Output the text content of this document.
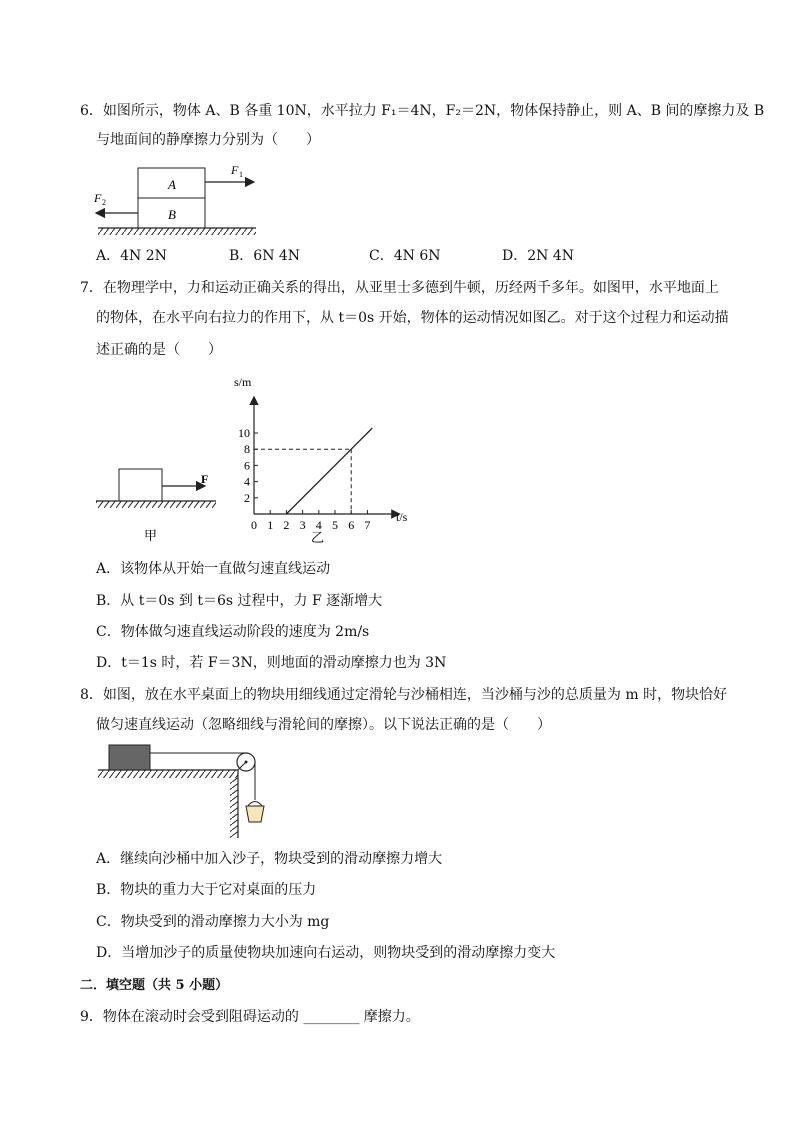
6．如图所示，物体 A、B 各重 10N，水平拉力 F₁＝4N，F₂＝2N，物体保持静止，则 A、B 间的摩擦力及 B
与地面间的静摩擦力分别为（　　）
A
B
F 1
F 2
A．4N 2N	B．6N 4N	C．4N 6N	D．2N 4N
7．在物理学中，力和运动正确关系的得出，从亚里士多德到牛顿，历经两千多年。如图甲，水平地面上
的物体，在水平向右拉力的作用下，从 t＝0s 开始，物体的运动情况如图乙。对于这个过程力和运动描
述正确的是（　　）
F
甲
0 1 2 3 4 5 6 7
2
4
6
8
10
s/m
t/s
乙
A．该物体从开始一直做匀速直线运动
B．从 t＝0s 到 t＝6s 过程中，力 F 逐渐增大
C．物体做匀速直线运动阶段的速度为 2m/s
D．t＝1s 时，若 F＝3N，则地面的滑动摩擦力也为 3N
8．如图，放在水平桌面上的物块用细线通过定滑轮与沙桶相连，当沙桶与沙的总质量为 m 时，物块恰好
做匀速直线运动（忽略细线与滑轮间的摩擦）。以下说法正确的是（　　）
A．继续向沙桶中加入沙子，物块受到的滑动摩擦力增大
B．物块的重力大于它对桌面的压力
C．物块受到的滑动摩擦力大小为 mg
D．当增加沙子的质量使物块加速向右运动，则物块受到的滑动摩擦力变大
二．填空题（共 5 小题）
9．物体在滚动时会受到阻碍运动的 ________ 摩擦力。
